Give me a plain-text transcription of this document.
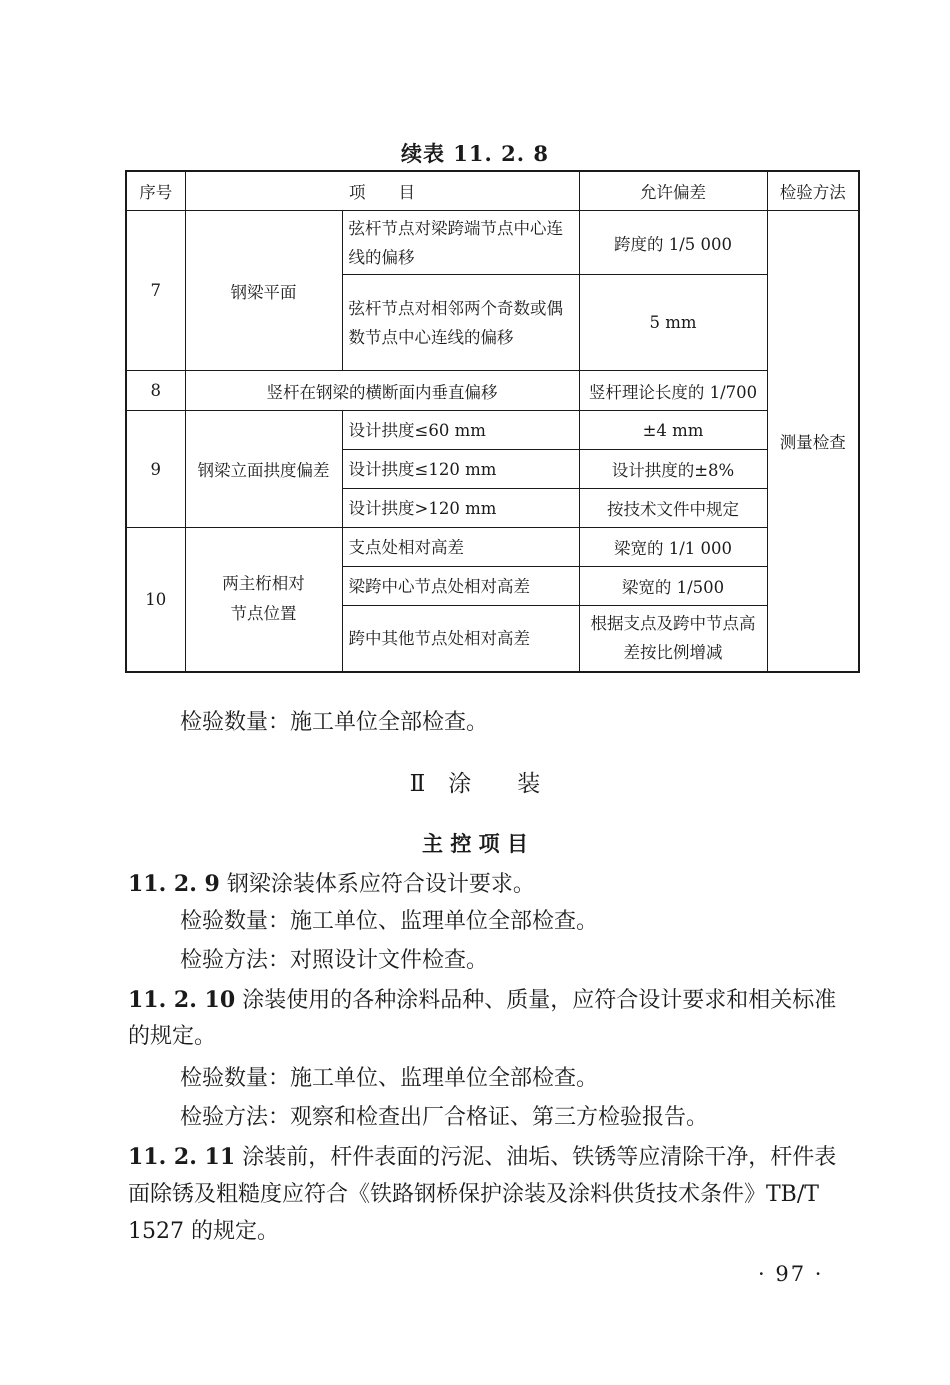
续表 11. 2. 8
序号	项　　目		允许偏差	检验方法
7	钢梁平面	弦杆节点对梁跨端节点中心连线的偏移	跨度的 1/5 000	测量检查
		弦杆节点对相邻两个奇数或偶数节点中心连线的偏移	5 mm	
8	竖杆在钢梁的横断面内垂直偏移		竖杆理论长度的 1/700	
9	钢梁立面拱度偏差	设计拱度≤60 mm	±4 mm	
		设计拱度≤120 mm	设计拱度的±8%	
		设计拱度>120 mm	按技术文件中规定	
10	两主桁相对
节点位置	支点处相对高差	梁宽的 1/1 000	
		梁跨中心节点处相对高差	梁宽的 1/500	
		跨中其他节点处相对高差	根据支点及跨中节点高差按比例增减	

检验数量：施工单位全部检查。

Ⅱ　涂　　装

主 控 项 目

11. 2. 9 钢梁涂装体系应符合设计要求。

检验数量：施工单位、监理单位全部检查。

检验方法：对照设计文件检查。

11. 2. 10 涂装使用的各种涂料品种、质量，应符合设计要求和相关标准的规定。

检验数量：施工单位、监理单位全部检查。

检验方法：观察和检查出厂合格证、第三方检验报告。

11. 2. 11 涂装前，杆件表面的污泥、油垢、铁锈等应清除干净，杆件表面除锈及粗糙度应符合《铁路钢桥保护涂装及涂料供货技术条件》TB/T 1527 的规定。

· 97 ·
